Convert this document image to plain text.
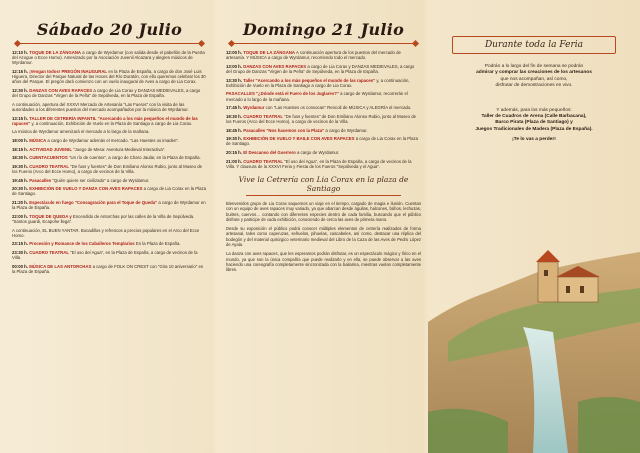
Sábado 20 Julio
12:10 h. TOQUE DE LA ZÁNGANA a cargo de Wyrdamur (con salida desde el pabellón de la Puerta del Azogue o Ecce Homo). Amenizado por la Asociación Juvenil Alcazara y alegres músicos de Wyrdamur.
12:15 h. ¡Vengan todos! PREGÓN INAUGURAL en la Plaza de España, a cargo de don José Luis Higuera, Director del Parque Natural de las Hoces del Río Duratón, con ello queremos celebrar los 30 años del Parque. El pregón dará comienzo con un vuelo inaugural de Aves a cargo de Lia Corax.
12:30 h. DANZAS CON AVES RAPACES a cargo de Lia Corax y DANZAS MEDIEVALES, a cargo del Grupo de Danzas "Virgen de la Peña" de Sepúlveda, en la Plaza de España.
A continuación, apertura del XXXVI Mercado de Artesanía "Las Fueros" con la visita de las autoridades a los diferentes puestos del mercado acompañados por la música de Wyrdamur.
13:15 h. TALLER DE CETRERÍA INFANTIL "Acercando a los más pequeños el mundo de las rapaces" y, a continuación, Exhibición de Vuelo en la Plaza de Santiago a cargo de Lia Corax.
La música de Wyrdamur amenizará el mercado a lo largo de la mañana.
18:00 h. MÚSICA a cargo de Wyrdamur además el mercado. "Las Huestes os imaden".
18:15 h. ACTIVIDAD JUVENIL "Juego de Mesa: Aventura Medieval Interactiva".
18:30 h. CUENTACUENTOS "Un río de cuentos", a cargo de Charo Jaular, en la Plaza de España.
19:30 h. CUADRO TEATRAL "De fuss y fuentes" de Don Emiliano Alonso Rubio, junto al Museo de los Fueros (Arco del Ecce Homo), a cargo de vecinos de la Villa.
19:45 h. Pasacalles "Quién quiere ser civilizado" a cargo de Wyrdamur.
20:30 h. EXHIBICIÓN DE VUELO Y DANZA CON AVES RAPACES a cargo de Lia Corax en la Plaza de Santiago.
21:20 h. Espectáculo en fuego "Consagración para el Toque de Queda" a cargo de Wyrdamur en la Plaza de España.
22:00 h. TOQUE DE QUEDA y Encendido de Antorchas por las calles de la Villa de Sepúlveda. "Santos guardi, Ecapohe llega".
A continuación, EL BUEN YANTAR. Bocadillos y refrescos a precios populares en el Arco del Ecce Homo.
23:15 h. Procesión y Romance de los Caballeros Templarios En la Plaza de España.
23:30 h. CUADRO TEATRAL "El uso del Agua", en la Plaza de España, a cargo de vecinos de la Villa.
00:00 h. MÚSICA DE LAS ANTORCHAS a cargo de FOLK ON CREST con "Gira 10 aniversario" en la Plaza de España.
Domingo 21 Julio
12:00 h. TOQUE DE LA ZÁNGANA A continuación apertura de los puestos del mercado de artesanía. Y MÚSICA a cargo de Wyrdamur, recorriendo todo el mercado.
13:00 h. DANZAS CON AVES RAPACES a cargo de Lia Corax y DANZAS MEDIEVALES, a cargo del Grupo de Danzas "Virgen de la Peña" de Sepúlveda, en la Plaza de España.
13:30 h. Taller "Acercando a los más pequeños el mundo de las rapaces" y, a continuación, Exhibición de Vuelo en la Plaza de Santiago a cargo de Lia Corax.
PASACALLES "¿Dónde está el Fuero de los Juglares?" a cargo de Wyrdamur, recorrerán el mercado a lo largo de la mañana.
17:45 h. Wyrdamur con "Las Huestes os convocan" Rencoli de MÚSICA y ALEGRÍA el mercado.
18:30 h. CUADRO TEATRAL "De fuss y fuentes" de Don Emiliano Alonso Rubio, junto al Museo de los Fueros (Arco del Ecce Homo), a cargo de vecinos de la Villa.
18:45 h. Pasacalles "Nos hacemos con la Plaza" a cargo de Wyrdamur.
19:30 h. EXHIBICIÓN DE VUELO Y BAILE CON AVES RAPACES a cargo de Lia Corax en la Plaza de Santiago.
20:15 h. El Descanso del Guerrero a cargo de Wyrdamur.
21:00 h. CUADRO TEATRAL "El uso del Agua", en la Plaza de España, a cargo de vecinos de la Villa. Y clausura de la XXXVI Feria y Fiesta de los Fueros "Sepúlveda y el Agua".
Vive la Cetrería con Lia Corax en la plaza de Santiago
Bienvenidos grupo de Lia Corax saquemos un viaje en el tiempo, cargado de magia e ilusión. Cuentan con un equipo de aves rapaces muy variado, ya que abarcan desde águilas, halcones, búhos, lechuzas, buitres, cuervos… contando con diferentes especies dentro de cada familia, buscando que el público disfrute y participe de cada exhibición, conociendo de cerca las aves de primera mano.
Desde su exposición el público podrá conocer múltiples elementos de cetrería realizados de forma artesanal, tales como caperuzas, señuelos, pihuelas, cascabeles, así como, destacar una réplica del bodegón y del material quirúrgico veterinario medieval del Libro de la Caza de las Aves de Pedro López de Ayala.
La danza con aves rapaces, que les esperamos podrán disfrutar, es un espectáculo mágico y lírico en el mundo, ya que son la única compañía que puede realizarlo y en ella, se puede observar a las aves haciendo una coreografía completamente sincronizada con la bailarina, mientras vuelan completamente libres.
Durante toda la Feria
Podrán a lo largo del fin de semana se podrán
admirar y comprar las creaciones de los artesanos
que nos acompañan, así como,
disfrutar de demostraciones en vivo.
Y además, para los más pequeños:
Taller de Cuadros de Arena (Calle Barbacana),
Barco Pirata (Plaza de Santiago) y
Juegos Tradicionales de Madera (Plaza de España).
¡Te lo vas a perder!
